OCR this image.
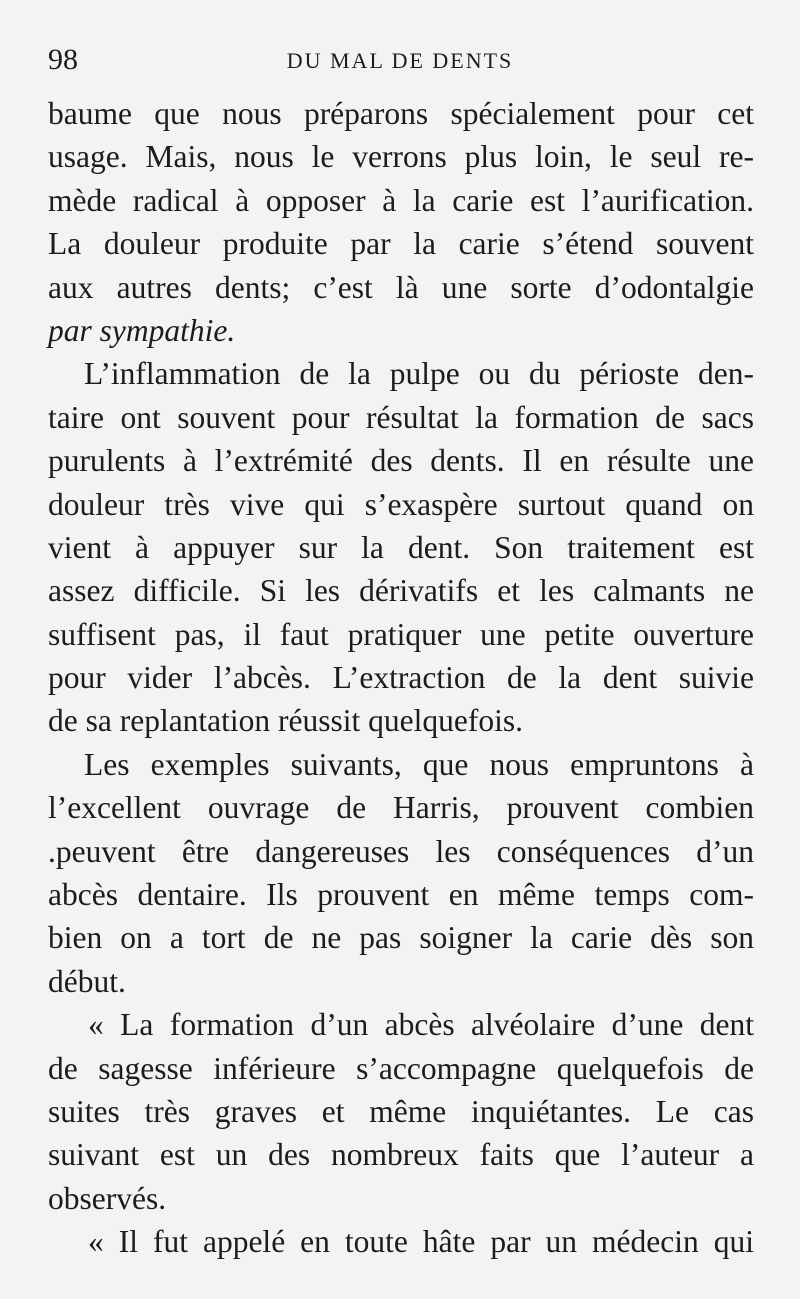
98	DU MAL DE DENTS
baume que nous préparons spécialement pour cet
usage. Mais, nous le verrons plus loin, le seul re-
mède radical à opposer à la carie est l’aurification.
La douleur produite par la carie s’étend souvent
aux autres dents; c’est là une sorte d’odontalgie
par sympathie.
L’inflammation de la pulpe ou du périoste den-
taire ont souvent pour résultat la formation de sacs
purulents à l’extrémité des dents. Il en résulte une
douleur très vive qui s’exaspère surtout quand on
vient à appuyer sur la dent. Son traitement est
assez difficile. Si les dérivatifs et les calmants ne
suffisent pas, il faut pratiquer une petite ouverture
pour vider l’abcès. L’extraction de la dent suivie
de sa replantation réussit quelquefois.
Les exemples suivants, que nous empruntons à
l’excellent ouvrage de Harris, prouvent combien
.peuvent être dangereuses les conséquences d’un
abcès dentaire. Ils prouvent en même temps com-
bien on a tort de ne pas soigner la carie dès son
début.
« La formation d’un abcès alvéolaire d’une dent
de sagesse inférieure s’accompagne quelquefois de
suites très graves et même inquiétantes. Le cas
suivant est un des nombreux faits que l’auteur a
observés.
« Il fut appelé en toute hâte par un médecin qui
